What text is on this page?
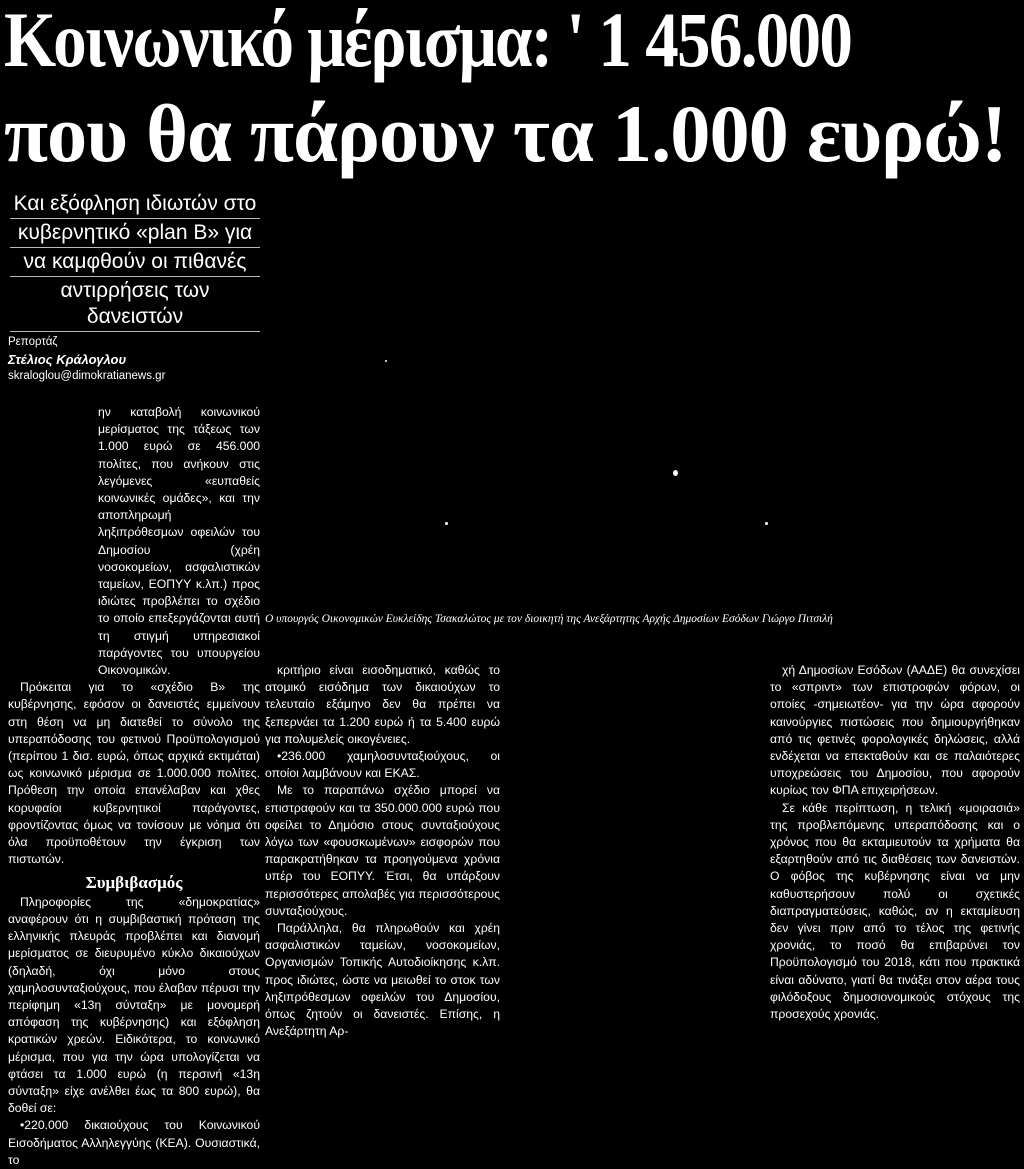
Κοινωνικό μέρισμα: ' 1 456.000
που θα πάρουν τα 1.000 ευρώ!
Και εξόφληση ιδιωτών στο
κυβερνητικό «plan B» για
να καμφθούν οι πιθανές
αντιρρήσεις των δανειστών
Ρεπορτάζ
Στέλιος Κράλογλου
skraloglou@dimokratianews.gr
Ο υπουργός Οικονομικών Ευκλείδης Τσακαλώτος με τον διοικητή της Ανεξάρτητης Αρχής Δημοσίων Εσόδων Γιώργο Πιτσιλή

ην καταβολή κοινωνικού μερίσματος της τάξεως των 1.000 ευρώ σε 456.000 πολίτες, που ανήκουν στις λεγόμενες «ευπαθείς κοινωνικές ομάδες», και την αποπληρωμή ληξιπρόθεσμων οφειλών του Δημοσίου (χρέη νοσοκομείων, ασφαλιστικών ταμείων, ΕΟΠΥΥ κ.λπ.) προς ιδιώτες προβλέπει το σχέδιο το οποίο επεξεργάζονται αυτή τη στιγμή υπηρεσιακοί παράγοντες του υπουργείου Οικονομικών.

Πρόκειται για το «σχέδιο Β» της κυβέρνησης, εφόσον οι δανειστές εμμείνουν στη θέση να μη διατεθεί το σύνολο της υπεραπόδοσης του φετινού Προϋπολογισμού (περίπου 1 δισ. ευρώ, όπως αρχικά εκτιμάται) ως κοινωνικό μέρισμα σε 1.000.000 πολίτες. Πρόθεση την οποία επανέλαβαν και χθες κορυφαίοι κυβερνητικοί παράγοντες, φροντίζοντας όμως να τονίσουν με νόημα ότι όλα προϋποθέτουν την έγκριση των πιστωτών.

Συμβιβασμός

Πληροφορίες της «δημοκρατίας» αναφέρουν ότι η συμβιβαστική πρόταση της ελληνικής πλευράς προβλέπει και διανομή μερίσματος σε διευρυμένο κύκλο δικαιούχων (δηλαδή, όχι μόνο στους χαμηλοσυνταξιούχους, που έλαβαν πέρυσι την περίφημη «13η σύνταξη» με μονομερή απόφαση της κυβέρνησης) και εξόφληση κρατικών χρεών. Ειδικότερα, το κοινωνικό μέρισμα, που για την ώρα υπολογίζεται να φτάσει τα 1.000 ευρώ (η περσινή «13η σύνταξη» είχε ανέλθει έως τα 800 ευρώ), θα δοθεί σε:

•220.000 δικαιούχους του Κοινωνικού Εισοδήματος Αλληλεγγύης (ΚΕΑ). Ουσιαστικά, το

κριτήριο είναι εισοδηματικό, καθώς το ατομικό εισόδημα των δικαιούχων το τελευταίο εξάμηνο δεν θα πρέπει να ξεπερνάει τα 1.200 ευρώ ή τα 5.400 ευρώ για πολυμελείς οικογένειες.

•236.000 χαμηλοσυνταξιούχους, οι οποίοι λαμβάνουν και ΕΚΑΣ.

Με το παραπάνω σχέδιο μπορεί να επιστραφούν και τα 350.000.000 ευρώ που οφείλει το Δημόσιο στους συνταξιούχους λόγω των «φουσκωμένων» εισφορών που παρακρατήθηκαν τα προηγούμενα χρόνια υπέρ του ΕΟΠΥΥ. Έτσι, θα υπάρξουν περισσότερες απολαβές για περισσότερους συνταξιούχους.

Παράλληλα, θα πληρωθούν και χρέη ασφαλιστικών ταμείων, νοσοκομείων, Οργανισμών Τοπικής Αυτοδιοίκησης κ.λπ. προς ιδιώτες, ώστε να μειωθεί το στοκ των ληξιπρόθεσμων οφειλών του Δημοσίου, όπως ζητούν οι δανειστές. Επίσης, η Ανεξάρτητη Αρ-

χή Δημοσίων Εσόδων (ΑΑΔΕ) θα συνεχίσει το «σπριντ» των επιστροφών φόρων, οι οποίες -σημειωτέον- για την ώρα αφορούν καινούργιες πιστώσεις που δημιουργήθηκαν από τις φετινές φορολογικές δηλώσεις, αλλά ενδέχεται να επεκταθούν και σε παλαιότερες υποχρεώσεις του Δημοσίου, που αφορούν κυρίως τον ΦΠΑ επιχειρήσεων.

Σε κάθε περίπτωση, η τελική «μοιρασιά» της προβλεπόμενης υπεραπόδοσης και ο χρόνος που θα εκταμιευτούν τα χρήματα θα εξαρτηθούν από τις διαθέσεις των δανειστών. Ο φόβος της κυβέρνησης είναι να μην καθυστερήσουν πολύ οι σχετικές διαπραγματεύσεις, καθώς, αν η εκταμίευση δεν γίνει πριν από το τέλος της φετινής χρονιάς, το ποσό θα επιβαρύνει τον Προϋπολογισμό του 2018, κάτι που πρακτικά είναι αδύνατο, γιατί θα τινάξει στον αέρα τους φιλόδοξους δημοσιονομικούς στόχους της προσεχούς χρονιάς.
